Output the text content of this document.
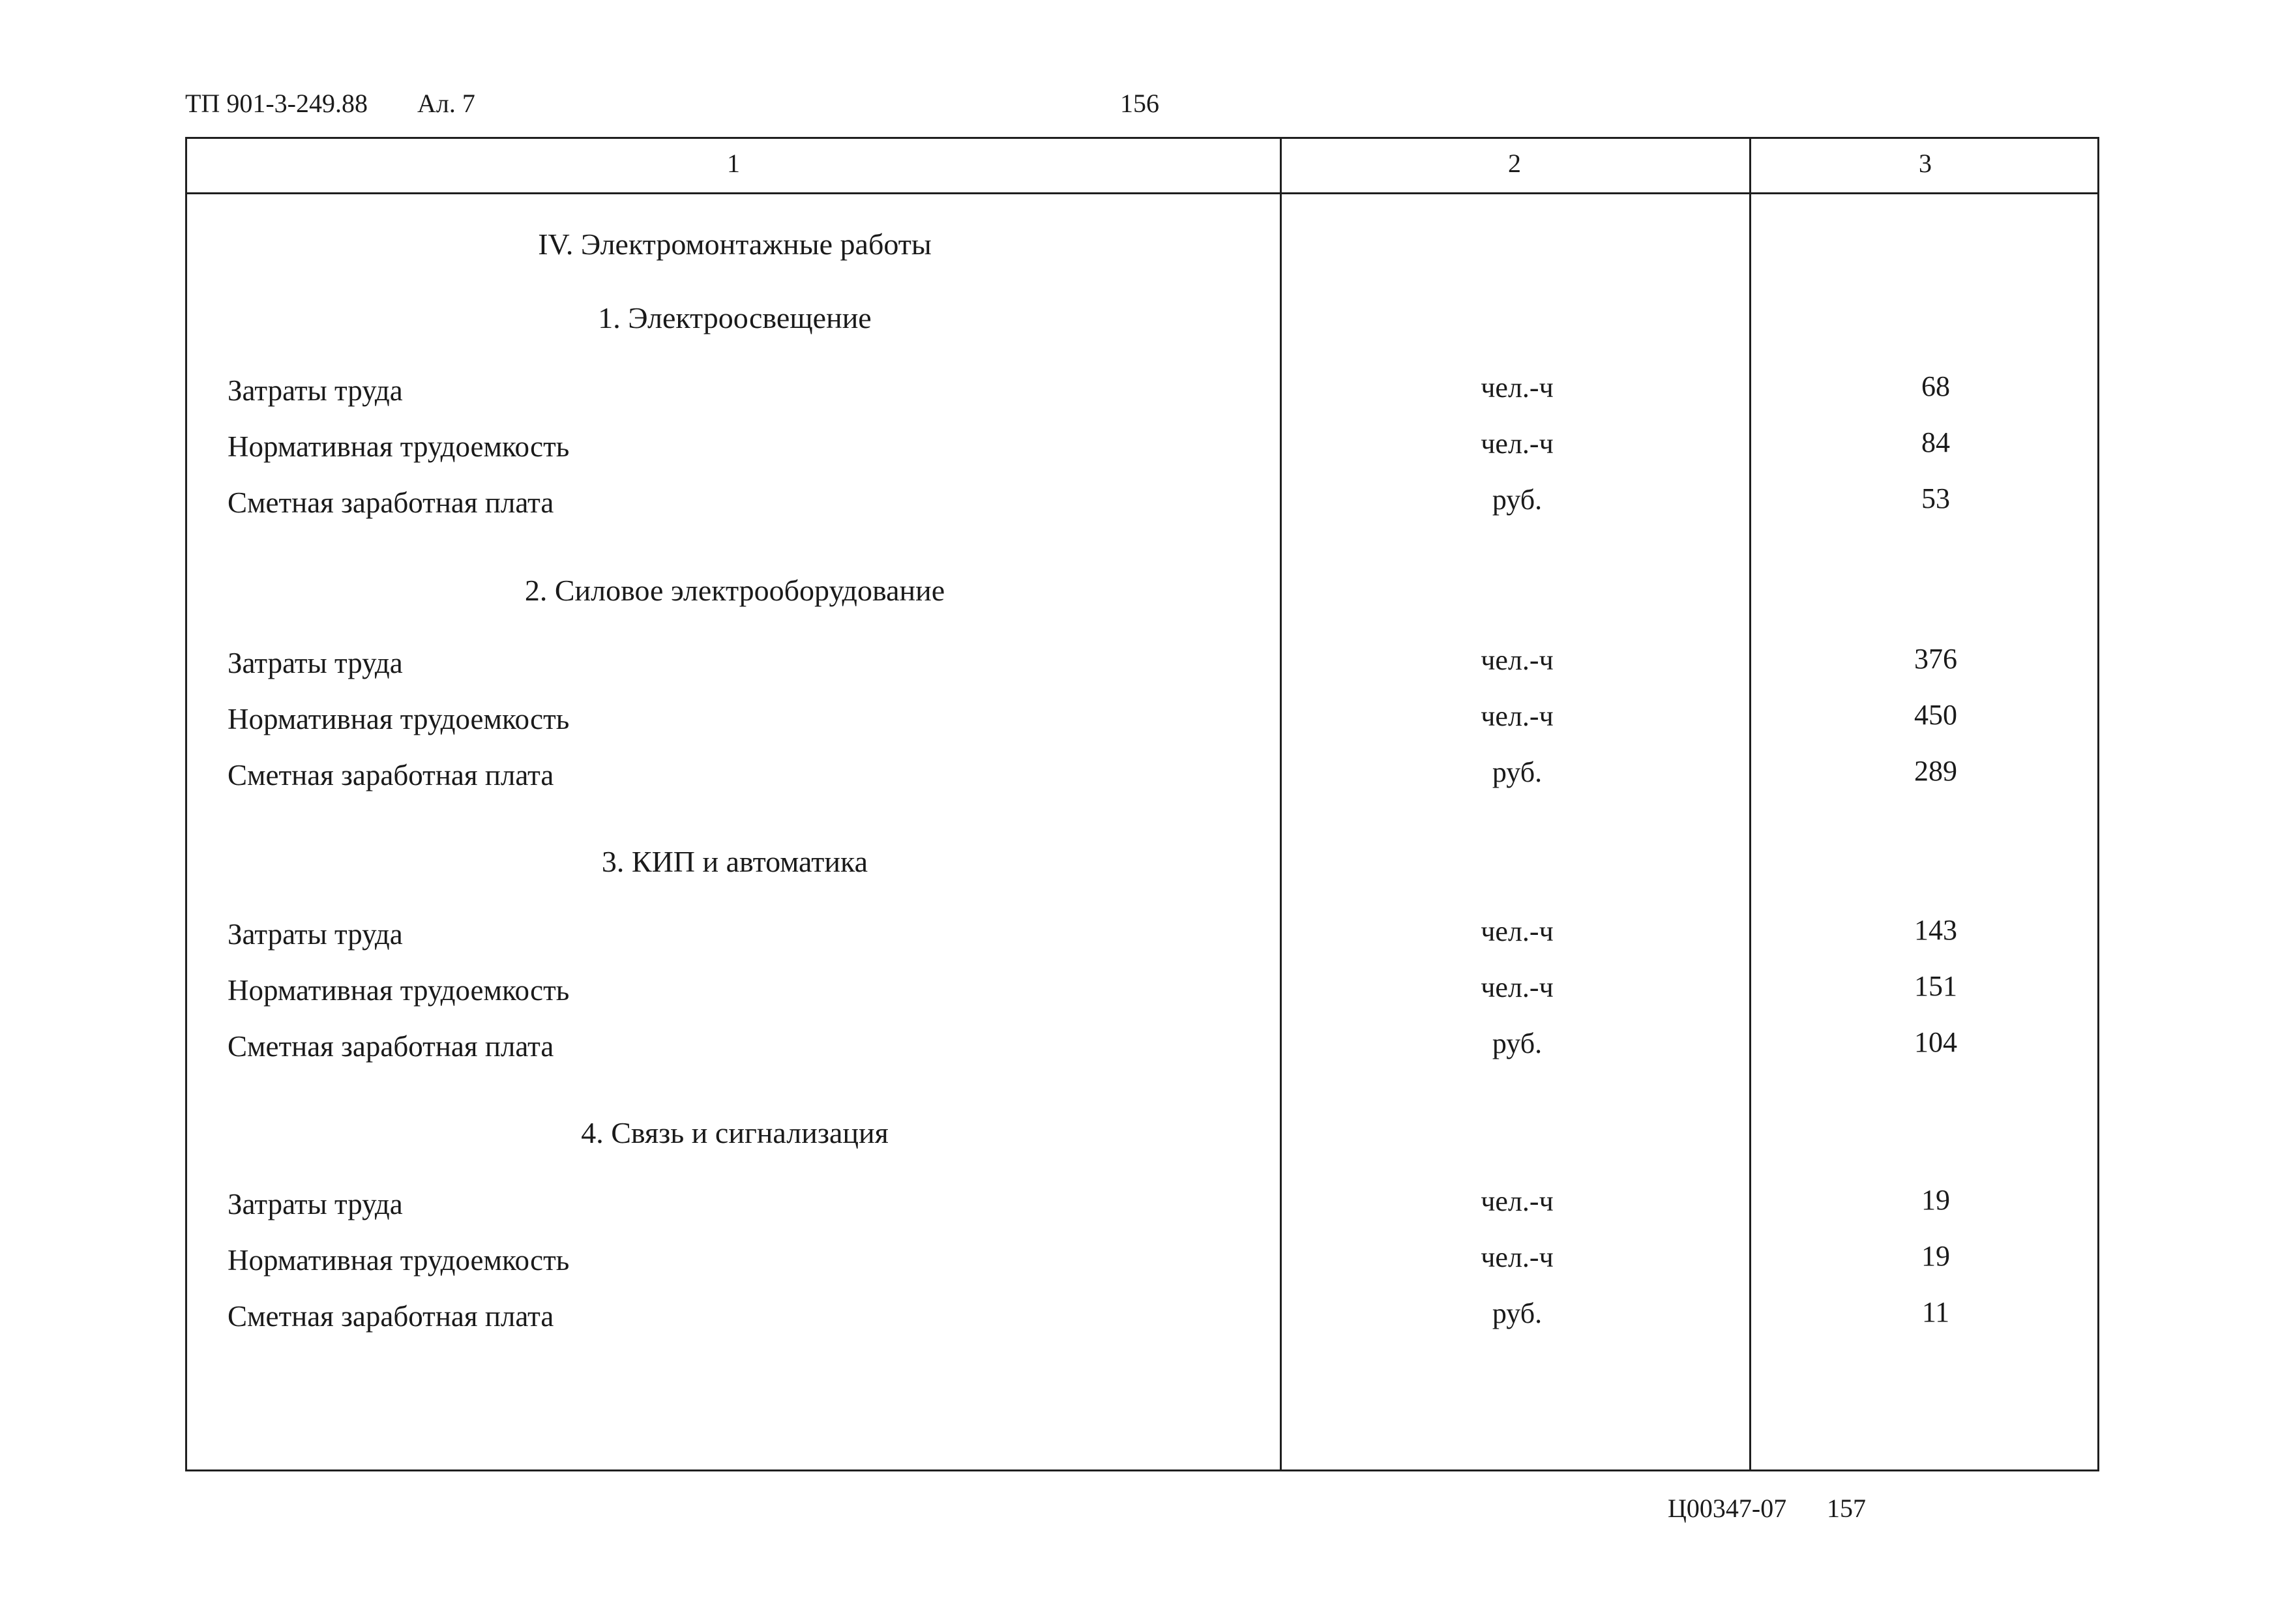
ТП 901-3-249.88 Ал. 7	156
1	2	3
IV. Электромонтажные работы
1. Электроосвещение
Затраты труда	чел.-ч	68
Нормативная трудоемкость	чел.-ч	84
Сметная заработная плата	руб.	53
2. Силовое электрооборудование
Затраты труда	чел.-ч	376
Нормативная трудоемкость	чел.-ч	450
Сметная заработная плата	руб.	289
3. КИП и автоматика
Затраты труда	чел.-ч	143
Нормативная трудоемкость	чел.-ч	151
Сметная заработная плата	руб.	104
4. Связь и сигнализация
Затраты труда	чел.-ч	19
Нормативная трудоемкость	чел.-ч	19
Сметная заработная плата	руб.	11
Ц00347-07 157
